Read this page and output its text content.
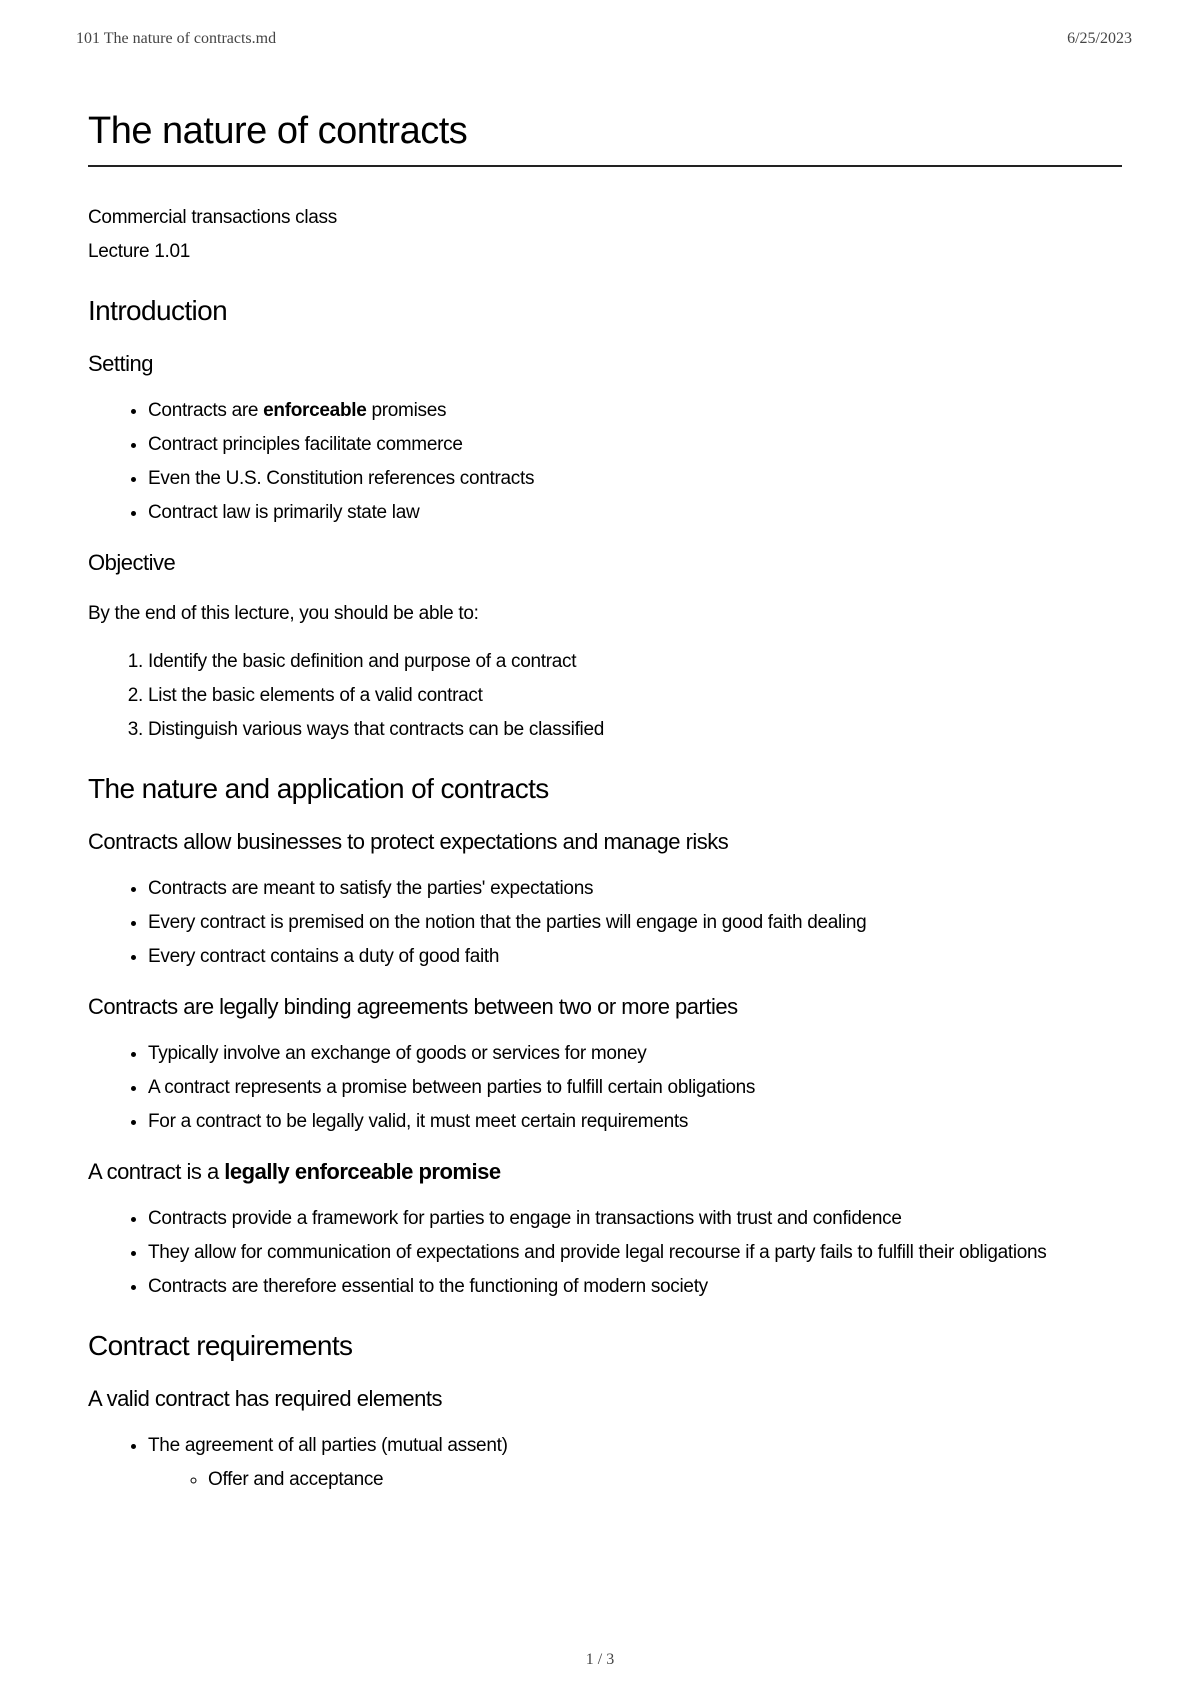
101 The nature of contracts.md	6/25/2023
The nature of contracts
Commercial transactions class
Lecture 1.01
Introduction
Setting
• Contracts are enforceable promises
• Contract principles facilitate commerce
• Even the U.S. Constitution references contracts
• Contract law is primarily state law
Objective

By the end of this lecture, you should be able to:

1. Identify the basic definition and purpose of a contract
2. List the basic elements of a valid contract
3. Distinguish various ways that contracts can be classified
The nature and application of contracts
Contracts allow businesses to protect expectations and manage risks
• Contracts are meant to satisfy the parties' expectations
• Every contract is premised on the notion that the parties will engage in good faith dealing
• Every contract contains a duty of good faith
Contracts are legally binding agreements between two or more parties
• Typically involve an exchange of goods or services for money
• A contract represents a promise between parties to fulfill certain obligations
• For a contract to be legally valid, it must meet certain requirements
A contract is a legally enforceable promise
• Contracts provide a framework for parties to engage in transactions with trust and confidence
• They allow for communication of expectations and provide legal recourse if a party fails to fulfill their obligations
• Contracts are therefore essential to the functioning of modern society
Contract requirements
A valid contract has required elements
• The agreement of all parties (mutual assent)
◦ Offer and acceptance
1 / 3
